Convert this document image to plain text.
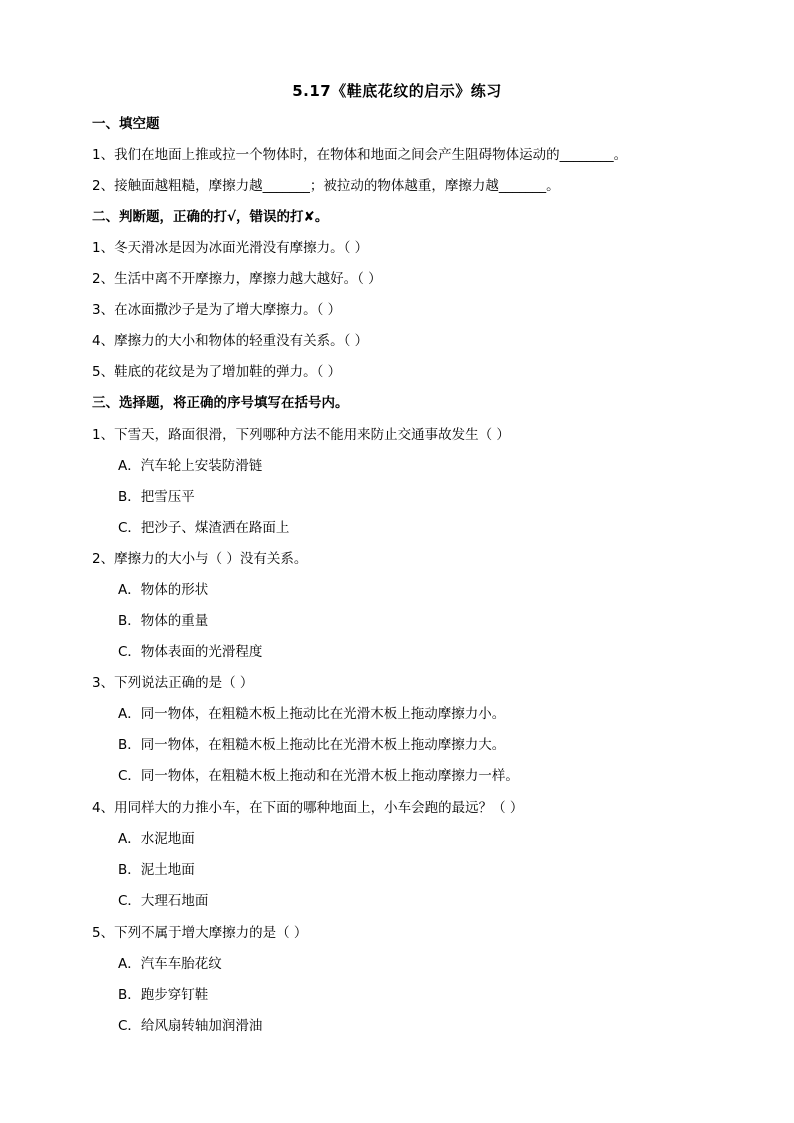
5.17《鞋底花纹的启示》练习
一、填空题
1、我们在地面上推或拉一个物体时，在物体和地面之间会产生阻碍物体运动的________。
2、接触面越粗糙，摩擦力越_______；被拉动的物体越重，摩擦力越_______。
二、判断题，正确的打√，错误的打✘。
1、冬天滑冰是因为冰面光滑没有摩擦力。（ ）
2、生活中离不开摩擦力，摩擦力越大越好。（ ）
3、在冰面撒沙子是为了增大摩擦力。（ ）
4、摩擦力的大小和物体的轻重没有关系。（ ）
5、鞋底的花纹是为了增加鞋的弹力。（ ）
三、选择题，将正确的序号填写在括号内。
1、下雪天，路面很滑，下列哪种方法不能用来防止交通事故发生（ ）
A．汽车轮上安装防滑链
B．把雪压平
C．把沙子、煤渣洒在路面上
2、摩擦力的大小与（ ）没有关系。
A．物体的形状
B．物体的重量
C．物体表面的光滑程度
3、下列说法正确的是（ ）
A．同一物体，在粗糙木板上拖动比在光滑木板上拖动摩擦力小。
B．同一物体，在粗糙木板上拖动比在光滑木板上拖动摩擦力大。
C．同一物体，在粗糙木板上拖动和在光滑木板上拖动摩擦力一样。
4、用同样大的力推小车，在下面的哪种地面上，小车会跑的最远？（ ）
A．水泥地面
B．泥土地面
C．大理石地面
5、下列不属于增大摩擦力的是（ ）
A．汽车车胎花纹
B．跑步穿钉鞋
C．给风扇转轴加润滑油
